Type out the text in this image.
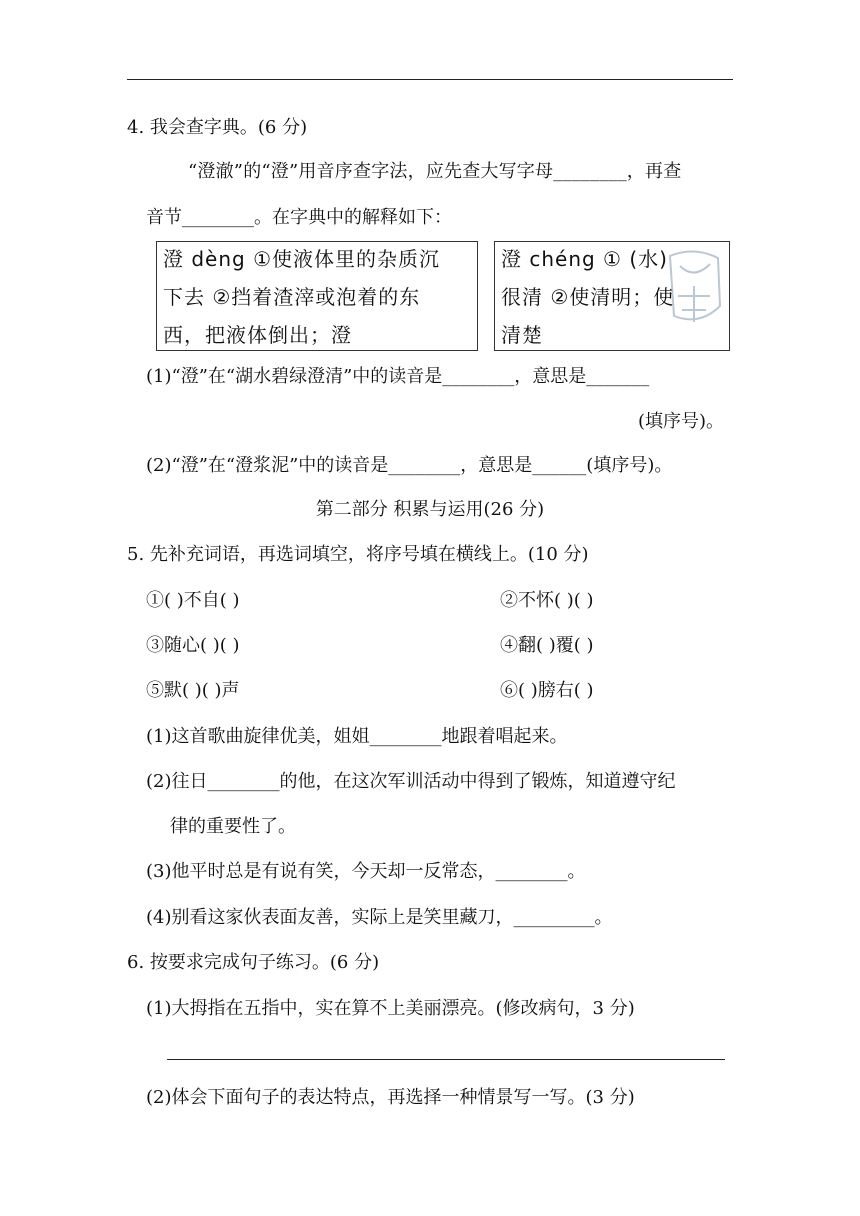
4. 我会查字典。(6 分)
“澄澈”的“澄”用音序查字法，应先查大写字母________，再查
音节________。在字典中的解释如下：
澄 dèng ①使液体里的杂质沉
下去 ②挡着渣滓或泡着的东
西，把液体倒出；澄
澄 chéng ① (水)
很清 ②使清明；使
清楚
(1)“澄”在“湖水碧绿澄清”中的读音是________，意思是_______
(填序号)。
(2)“澄”在“澄浆泥”中的读音是________，意思是______(填序号)。
第二部分 积累与运用(26 分)
5. 先补充词语，再选词填空，将序号填在横线上。(10 分)
①( )不自( )	②不怀( )( )
③随心( )( )	④翻( )覆( )
⑤默( )( )声	⑥( )膀右( )
(1)这首歌曲旋律优美，姐姐________地跟着唱起来。
(2)往日________的他，在这次军训活动中得到了锻炼，知道遵守纪
律的重要性了。
(3)他平时总是有说有笑，今天却一反常态，________。
(4)别看这家伙表面友善，实际上是笑里藏刀，_________。
6. 按要求完成句子练习。(6 分)
(1)大拇指在五指中，实在算不上美丽漂亮。(修改病句，3 分)
(2)体会下面句子的表达特点，再选择一种情景写一写。(3 分)
